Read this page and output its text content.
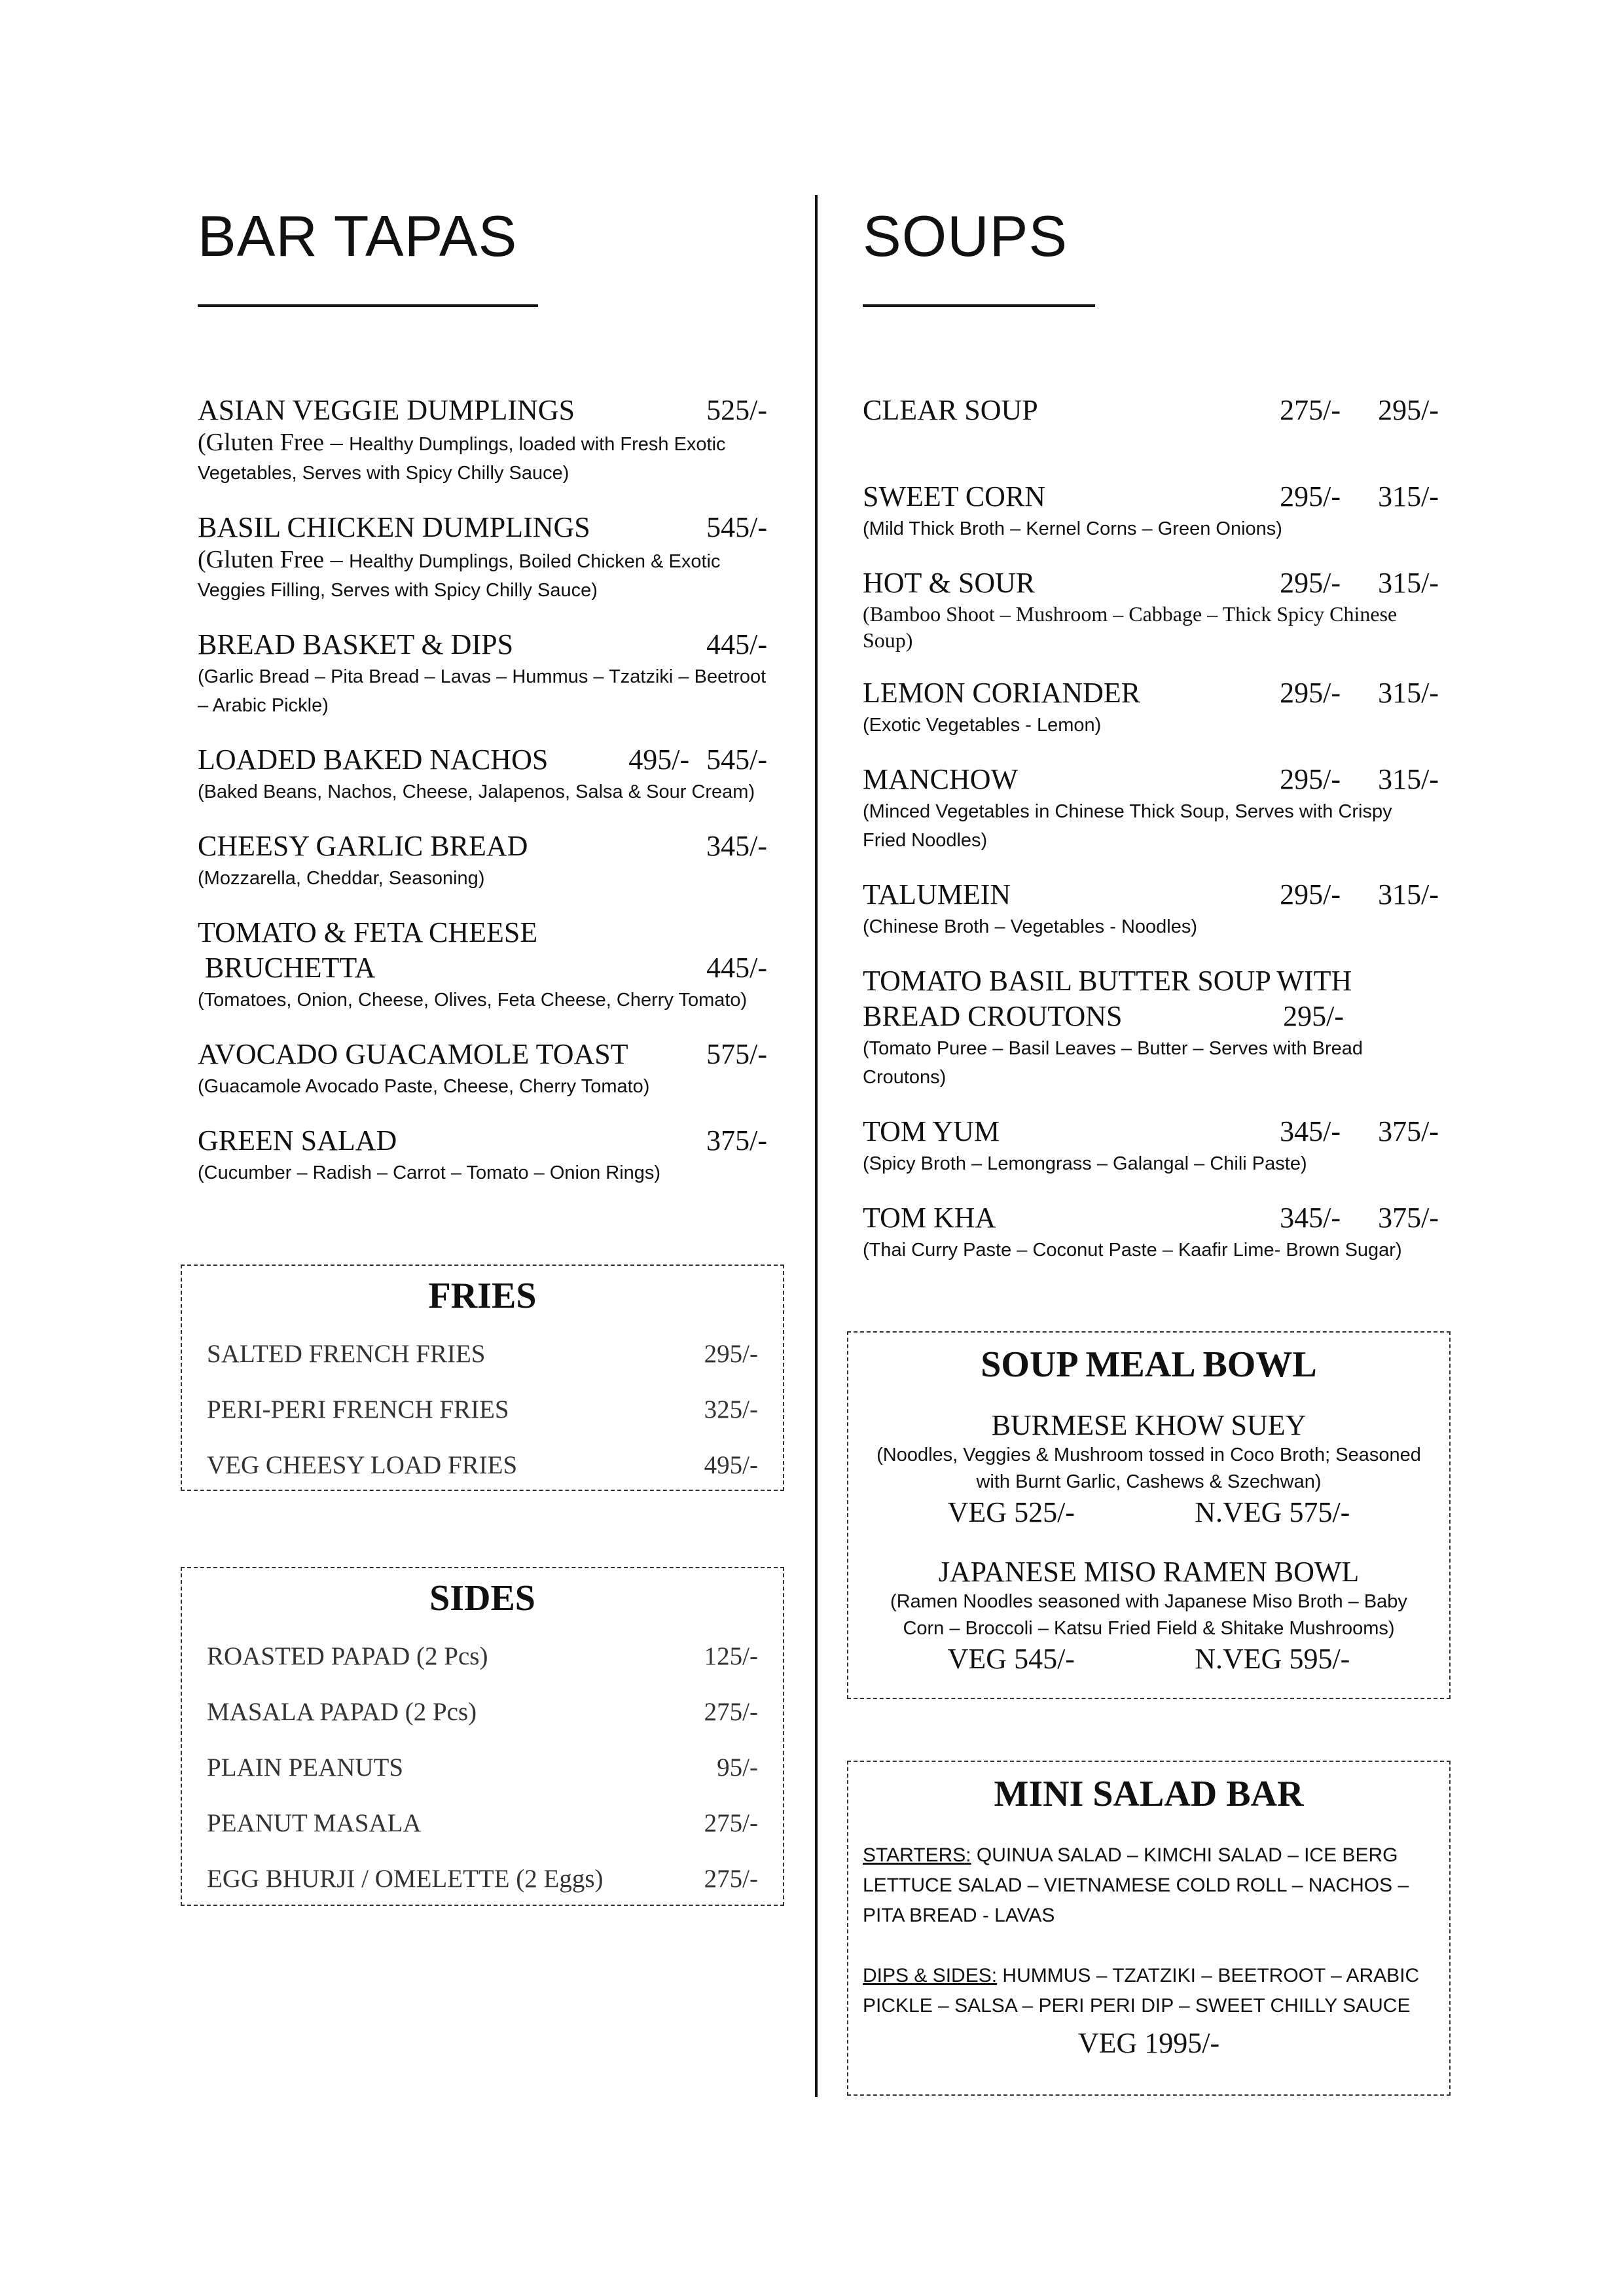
BAR TAPAS	SOUPS
ASIAN VEGGIE DUMPLINGS	525/-
(Gluten Free – Healthy Dumplings, loaded with Fresh Exotic Vegetables, Serves with Spicy Chilly Sauce)
BASIL CHICKEN DUMPLINGS	545/-
(Gluten Free – Healthy Dumplings, Boiled Chicken & Exotic Veggies Filling, Serves with Spicy Chilly Sauce)
BREAD BASKET & DIPS	445/-
(Garlic Bread – Pita Bread – Lavas – Hummus – Tzatziki – Beetroot – Arabic Pickle)
LOADED BAKED NACHOS	495/- 545/-
(Baked Beans, Nachos, Cheese, Jalapenos, Salsa & Sour Cream)
CHEESY GARLIC BREAD	345/-
(Mozzarella, Cheddar, Seasoning)
TOMATO & FETA CHEESE
BRUCHETTA	445/-
(Tomatoes, Onion, Cheese, Olives, Feta Cheese, Cherry Tomato)
AVOCADO GUACAMOLE TOAST	575/-
(Guacamole Avocado Paste, Cheese, Cherry Tomato)
GREEN SALAD	375/-
(Cucumber – Radish – Carrot – Tomato – Onion Rings)
CLEAR SOUP	275/-	295/-
SWEET CORN	295/-	315/-
(Mild Thick Broth – Kernel Corns – Green Onions)
HOT & SOUR	295/-	315/-
(Bamboo Shoot – Mushroom – Cabbage – Thick Spicy Chinese Soup)
LEMON CORIANDER	295/-	315/-
(Exotic Vegetables - Lemon)
MANCHOW	295/-	315/-
(Minced Vegetables in Chinese Thick Soup, Serves with Crispy Fried Noodles)
TALUMEIN	295/-	315/-
(Chinese Broth – Vegetables - Noodles)
TOMATO BASIL BUTTER SOUP WITH
BREAD CROUTONS	295/-
(Tomato Puree – Basil Leaves – Butter – Serves with Bread Croutons)
TOM YUM	345/-	375/-
(Spicy Broth – Lemongrass – Galangal – Chili Paste)
TOM KHA	345/-	375/-
(Thai Curry Paste – Coconut Paste – Kaafir Lime- Brown Sugar)
FRIES
SALTED FRENCH FRIES	295/-
PERI-PERI FRENCH FRIES	325/-
VEG CHEESY LOAD FRIES	495/-
SIDES
ROASTED PAPAD (2 Pcs)	125/-
MASALA PAPAD (2 Pcs)	275/-
PLAIN PEANUTS	95/-
PEANUT MASALA	275/-
EGG BHURJI / OMELETTE (2 Eggs)	275/-
SOUP MEAL BOWL
BURMESE KHOW SUEY
(Noodles, Veggies & Mushroom tossed in Coco Broth; Seasoned with Burnt Garlic, Cashews & Szechwan)
VEG 525/-	N.VEG 575/-
JAPANESE MISO RAMEN BOWL
(Ramen Noodles seasoned with Japanese Miso Broth – Baby Corn – Broccoli – Katsu Fried Field & Shitake Mushrooms)
VEG 545/-	N.VEG 595/-
MINI SALAD BAR
STARTERS: QUINUA SALAD – KIMCHI SALAD – ICE BERG LETTUCE SALAD – VIETNAMESE COLD ROLL – NACHOS – PITA BREAD - LAVAS
DIPS & SIDES: HUMMUS – TZATZIKI – BEETROOT – ARABIC PICKLE – SALSA – PERI PERI DIP – SWEET CHILLY SAUCE
VEG 1995/-
